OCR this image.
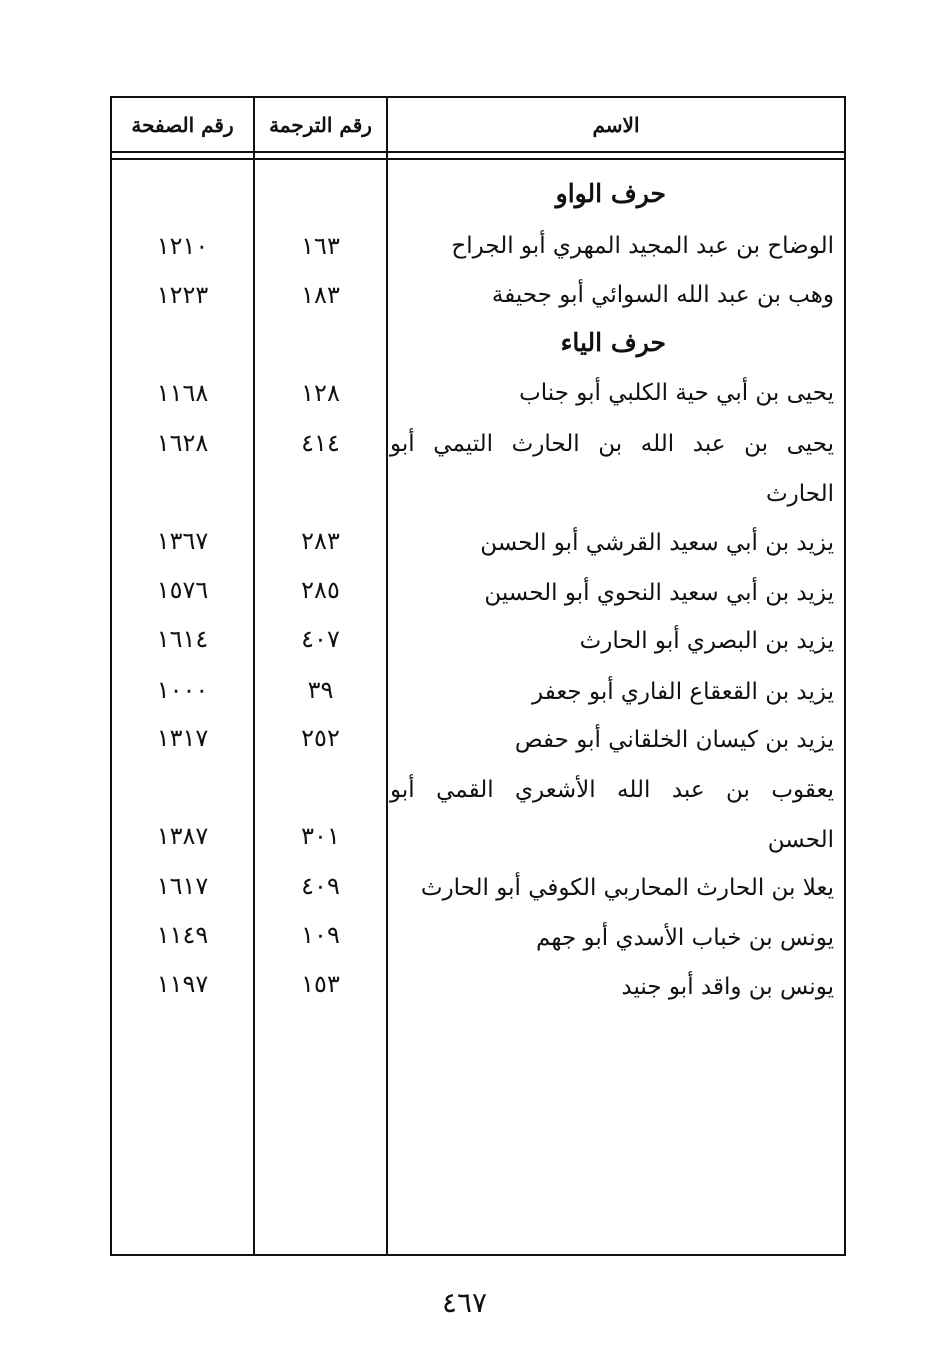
رقم الصفحة	رقم الترجمة	الاسم
حرف الواو
الوضاح بن عبد المجيد المهري أبو الجراح
١٦٣
١٢١٠
وهب بن عبد الله السوائي أبو جحيفة
١٨٣
١٢٢٣
حرف الياء
يحيى بن أبي حية الكلبي أبو جناب
١٢٨
١١٦٨
يحيى بن عبد الله بن الحارث التيمي أبو
الحارث
٤١٤
١٦٢٨
يزيد بن أبي سعيد القرشي أبو الحسن
٢٨٣
١٣٦٧
يزيد بن أبي سعيد النحوي أبو الحسين
٢٨٥
١٥٧٦
يزيد بن البصري أبو الحارث
٤٠٧
١٦١٤
يزيد بن القعقاع الفاري أبو جعفر
٣٩
١٠٠٠
يزيد بن كيسان الخلقاني أبو حفص
٢٥٢
١٣١٧
يعقوب بن عبد الله الأشعري القمي أبو
الحسن
٣٠١
١٣٨٧
يعلا بن الحارث المحاربي الكوفي أبو الحارث
٤٠٩
١٦١٧
يونس بن خباب الأسدي أبو جهم
١٠٩
١١٤٩
يونس بن واقد أبو جنيد
١٥٣
١١٩٧
٤٦٧
